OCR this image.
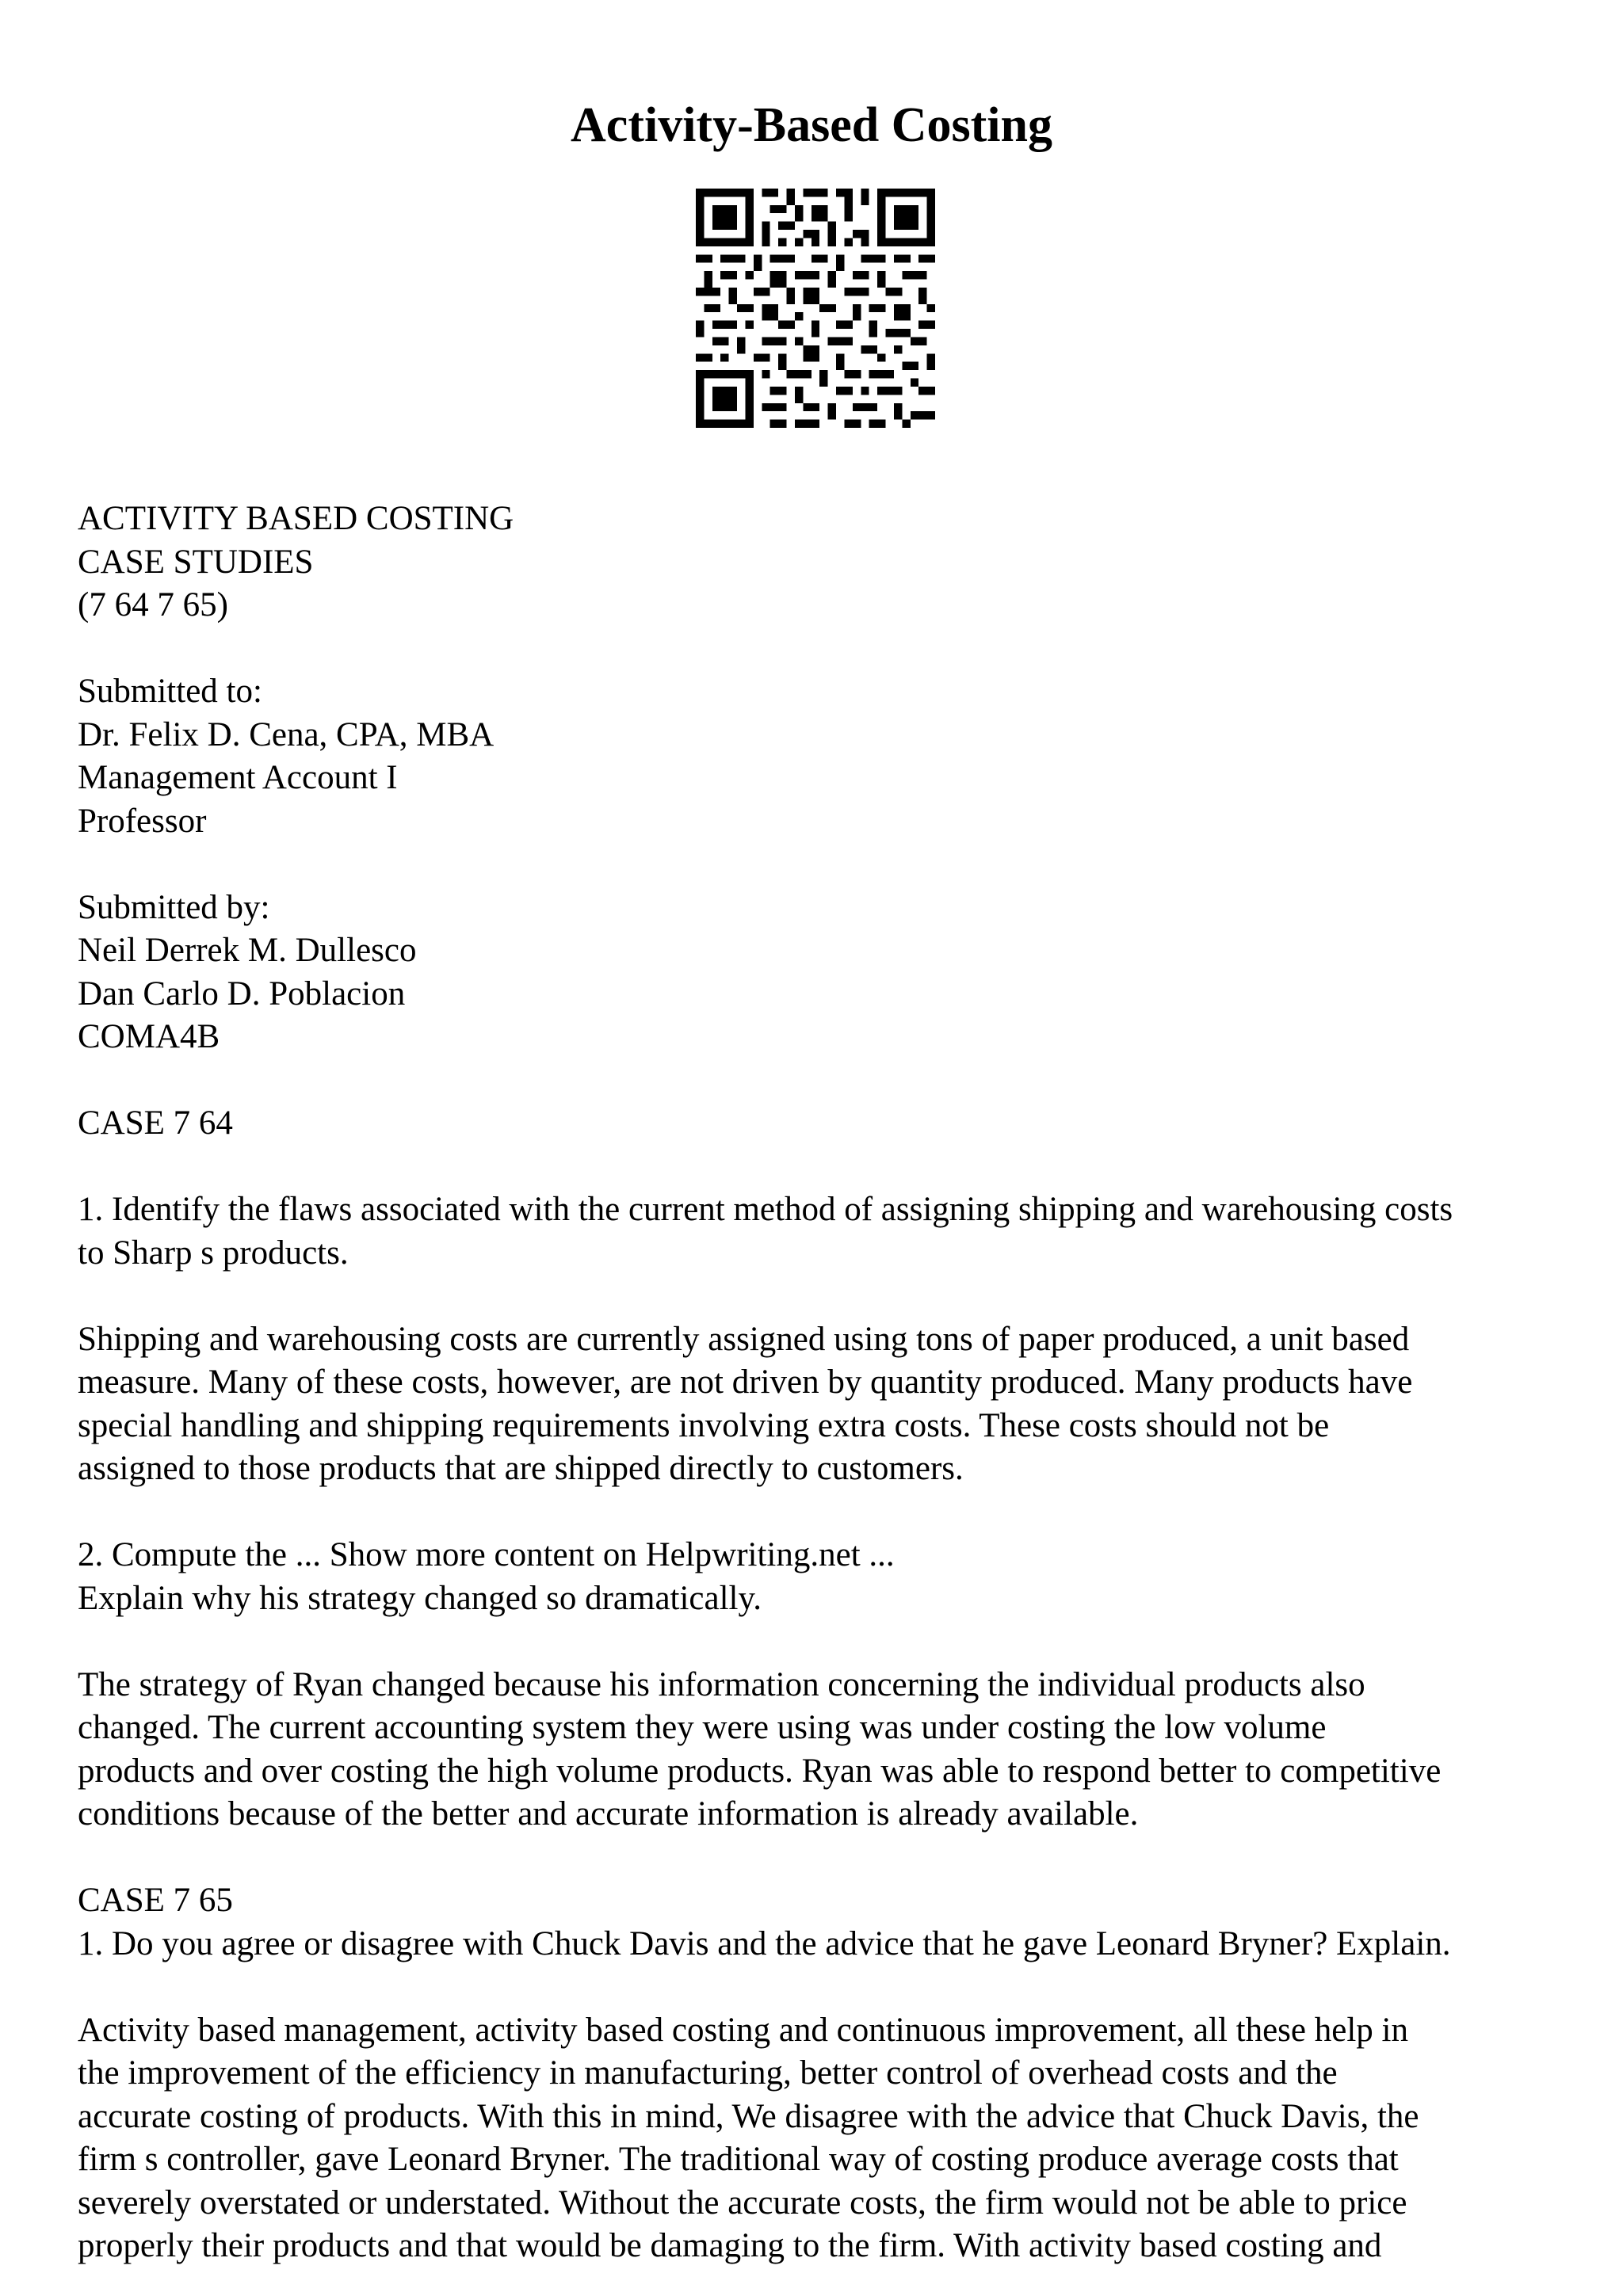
Activity-Based Costing
ACTIVITY BASED COSTING
CASE STUDIES
(7 64 7 65)
Submitted to:
Dr. Felix D. Cena, CPA, MBA
Management Account I
Professor
Submitted by:
Neil Derrek M. Dullesco
Dan Carlo D. Poblacion
COMA4B
CASE 7 64
1. Identify the flaws associated with the current method of assigning shipping and warehousing costs
to Sharp s products.
Shipping and warehousing costs are currently assigned using tons of paper produced, a unit based
measure. Many of these costs, however, are not driven by quantity produced. Many products have
special handling and shipping requirements involving extra costs. These costs should not be
assigned to those products that are shipped directly to customers.
2. Compute the ... Show more content on Helpwriting.net ...
Explain why his strategy changed so dramatically.
The strategy of Ryan changed because his information concerning the individual products also
changed. The current accounting system they were using was under costing the low volume
products and over costing the high volume products. Ryan was able to respond better to competitive
conditions because of the better and accurate information is already available.
CASE 7 65
1. Do you agree or disagree with Chuck Davis and the advice that he gave Leonard Bryner? Explain.
Activity based management, activity based costing and continuous improvement, all these help in
the improvement of the efficiency in manufacturing, better control of overhead costs and the
accurate costing of products. With this in mind, We disagree with the advice that Chuck Davis, the
firm s controller, gave Leonard Bryner. The traditional way of costing produce average costs that
severely overstated or understated. Without the accurate costs, the firm would not be able to price
properly their products and that would be damaging to the firm. With activity based costing and
